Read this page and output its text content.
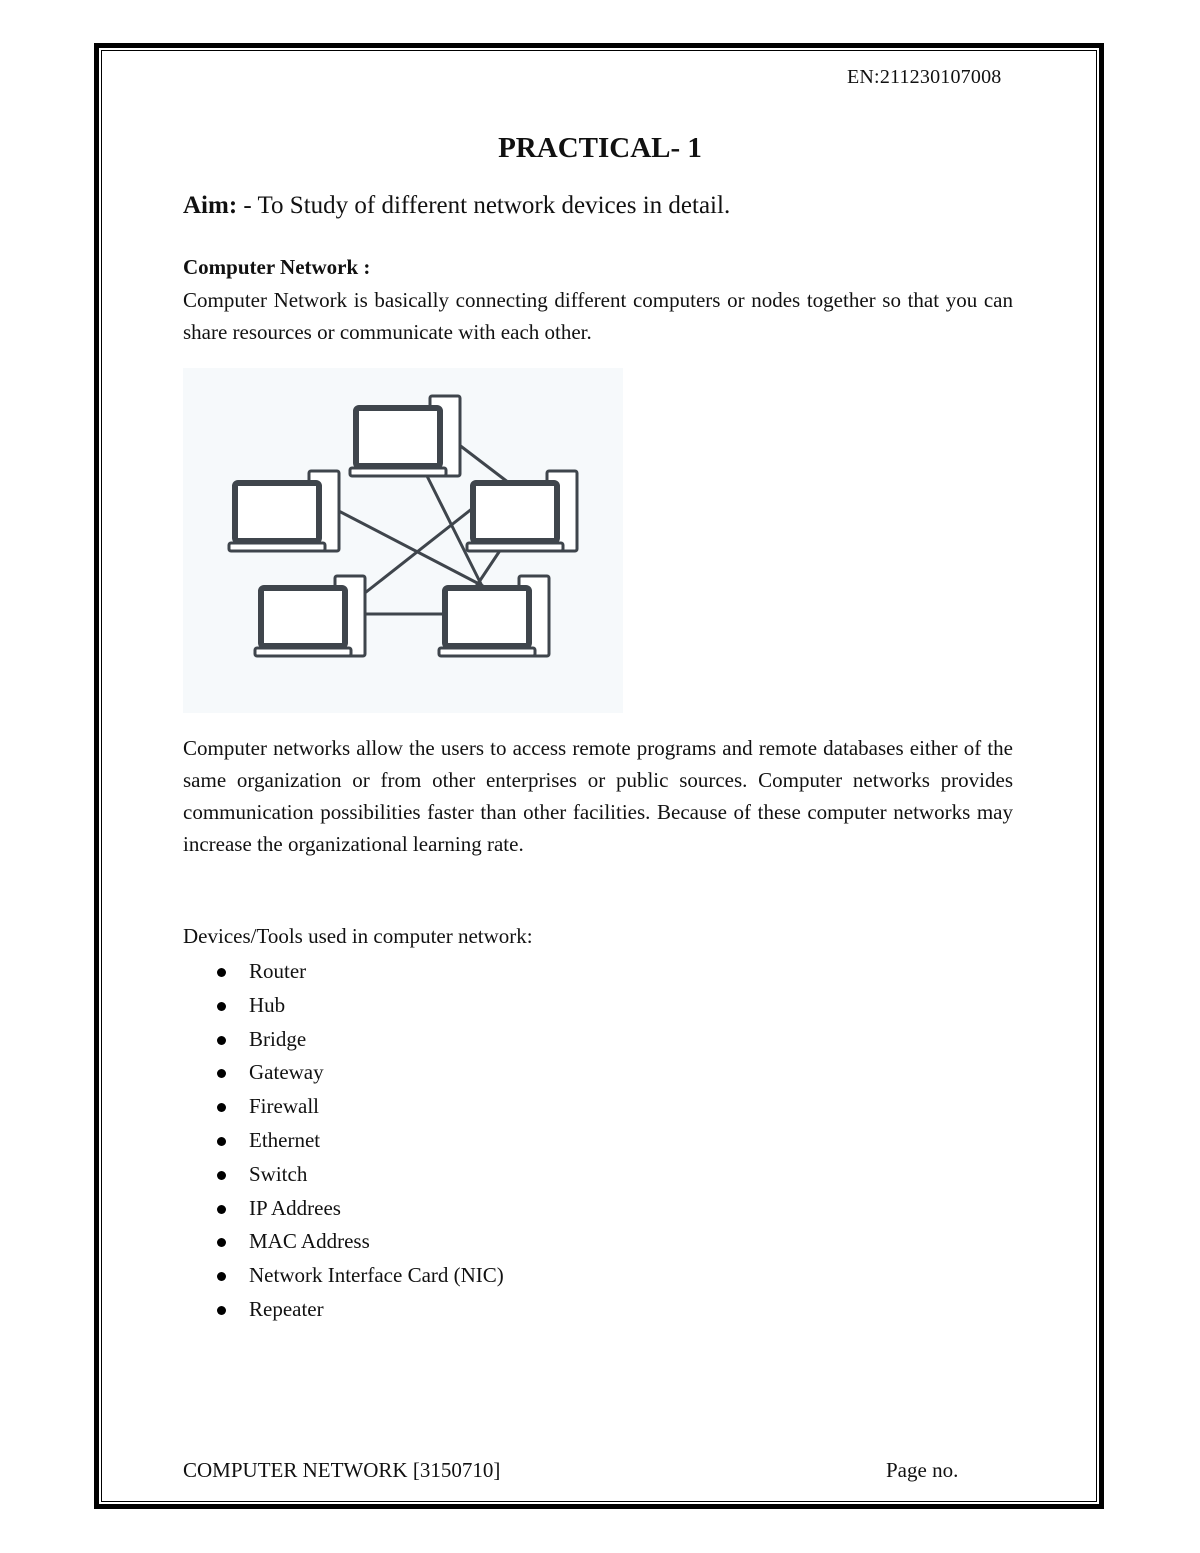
EN:211230107008
PRACTICAL- 1

Aim: - To Study of different network devices in detail.

Computer Network :

Computer Network is basically connecting different computers or nodes together so that you can share resources or communicate with each other.

Computer networks allow the users to access remote programs and remote databases either of the same organization or from other enterprises or public sources. Computer networks provides communication possibilities faster than other facilities. Because of these computer networks may increase the organizational learning rate.

Devices/Tools used in computer network:

Router
Hub
Bridge
Gateway
Firewall
Ethernet
Switch
IP Addrees
MAC Address
Network Interface Card (NIC)
Repeater
COMPUTER NETWORK [3150710]	Page no.
